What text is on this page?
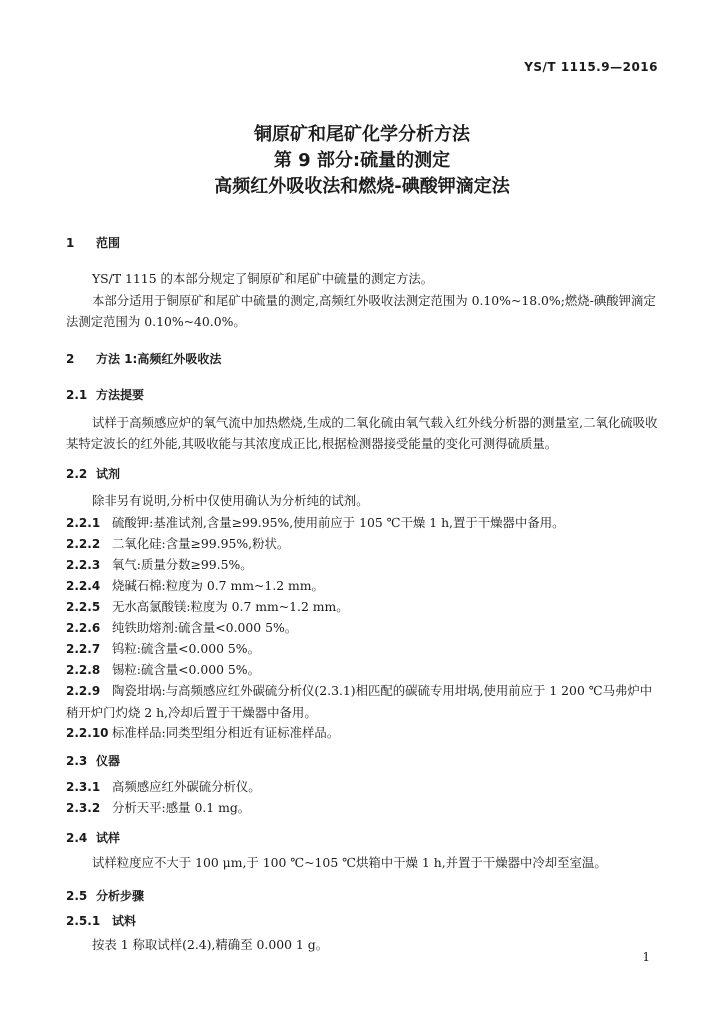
YS/T 1115.9—2016
铜原矿和尾矿化学分析方法
第 9 部分:硫量的测定
高频红外吸收法和燃烧-碘酸钾滴定法
1 范围
YS/T 1115 的本部分规定了铜原矿和尾矿中硫量的测定方法。
本部分适用于铜原矿和尾矿中硫量的测定,高频红外吸收法测定范围为 0.10%~18.0%;燃烧-碘酸钾滴定法测定范围为 0.10%~40.0%。
2 方法 1:高频红外吸收法
2.1 方法提要
试样于高频感应炉的氧气流中加热燃烧,生成的二氧化硫由氧气载入红外线分析器的测量室,二氧化硫吸收某特定波长的红外能,其吸收能与其浓度成正比,根据检测器接受能量的变化可测得硫质量。
2.2 试剂
除非另有说明,分析中仅使用确认为分析纯的试剂。
2.2.1 硫酸钾:基准试剂,含量≥99.95%,使用前应于 105 ℃干燥 1 h,置于干燥器中备用。
2.2.2 二氧化硅:含量≥99.95%,粉状。
2.2.3 氧气:质量分数≥99.5%。
2.2.4 烧碱石棉:粒度为 0.7 mm~1.2 mm。
2.2.5 无水高氯酸镁:粒度为 0.7 mm~1.2 mm。
2.2.6 纯铁助熔剂:硫含量<0.000 5%。
2.2.7 钨粒:硫含量<0.000 5%。
2.2.8 锡粒:硫含量<0.000 5%。
2.2.9 陶瓷坩埚:与高频感应红外碳硫分析仪(2.3.1)相匹配的碳硫专用坩埚,使用前应于 1 200 ℃马弗炉中稍开炉门灼烧 2 h,冷却后置于干燥器中备用。
2.2.10 标准样品:同类型组分相近有证标准样品。
2.3 仪器
2.3.1 高频感应红外碳硫分析仪。
2.3.2 分析天平:感量 0.1 mg。
2.4 试样
试样粒度应不大于 100 μm,于 100 ℃~105 ℃烘箱中干燥 1 h,并置于干燥器中冷却至室温。
2.5 分析步骤
2.5.1 试料
按表 1 称取试样(2.4),精确至 0.000 1 g。
1
